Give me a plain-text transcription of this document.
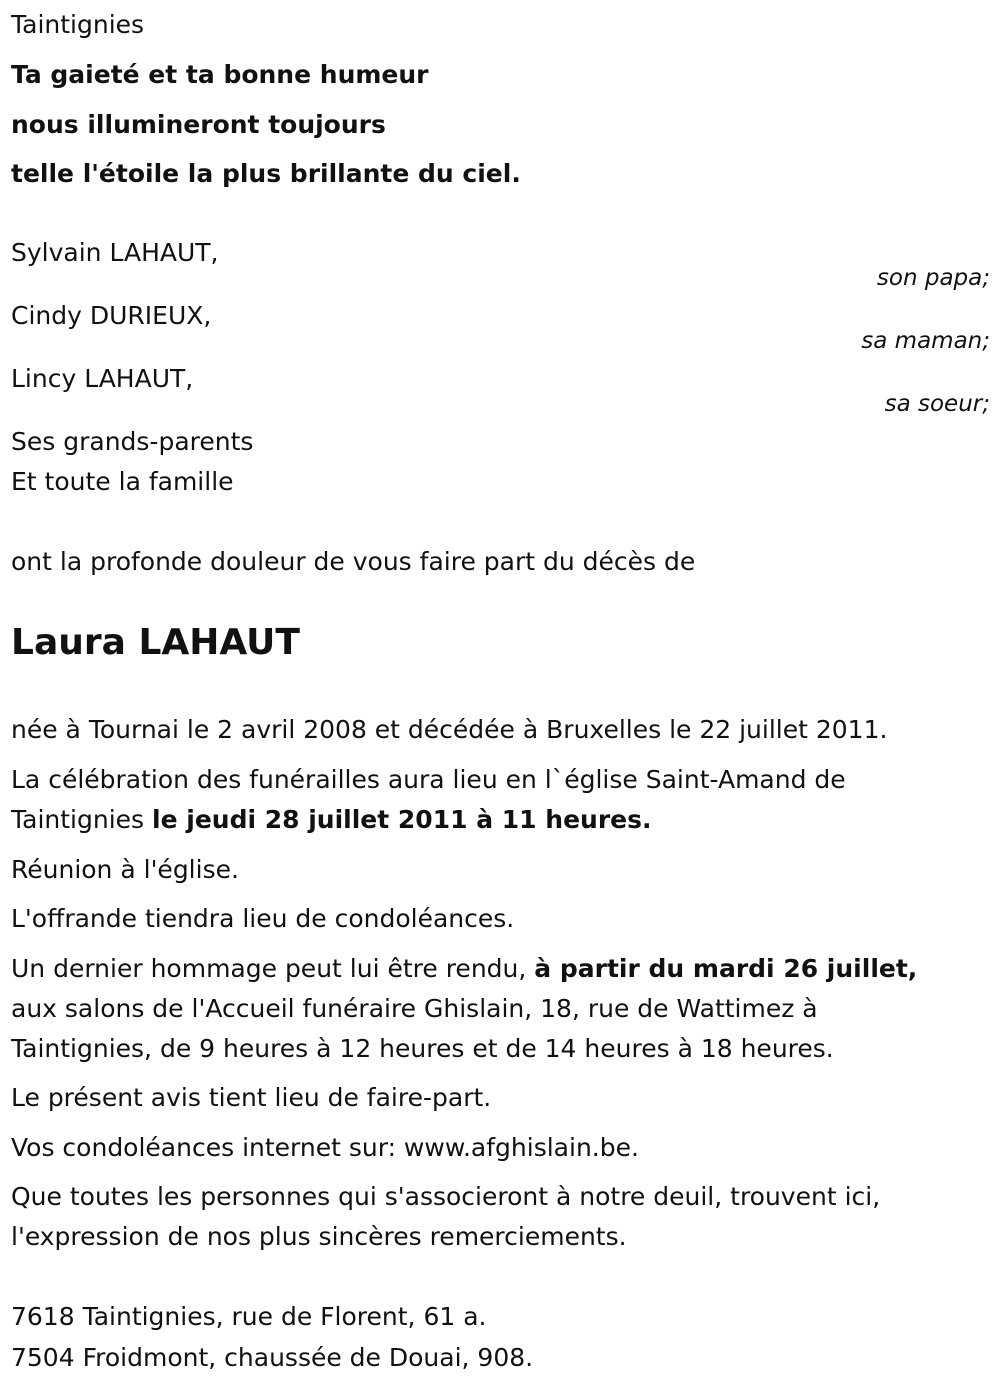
Taintignies
Ta gaieté et ta bonne humeur
nous illumineront toujours
telle l'étoile la plus brillante du ciel.
Sylvain LAHAUT,
son papa;
Cindy DURIEUX,
sa maman;
Lincy LAHAUT,
sa soeur;
Ses grands-parents
Et toute la famille
ont la profonde douleur de vous faire part du décès de
Laura LAHAUT
née à Tournai le 2 avril 2008 et décédée à Bruxelles le 22 juillet 2011.
La célébration des funérailles aura lieu en l`église Saint-Amand de
Taintignies le jeudi 28 juillet 2011 à 11 heures.
Réunion à l'église.
L'offrande tiendra lieu de condoléances.
Un dernier hommage peut lui être rendu, à partir du mardi 26 juillet,
aux salons de l'Accueil funéraire Ghislain, 18, rue de Wattimez à
Taintignies, de 9 heures à 12 heures et de 14 heures à 18 heures.
Le présent avis tient lieu de faire-part.
Vos condoléances internet sur: www.afghislain.be.
Que toutes les personnes qui s'associeront à notre deuil, trouvent ici,
l'expression de nos plus sincères remerciements.
7618 Taintignies, rue de Florent, 61 a.
7504 Froidmont, chaussée de Douai, 908.
